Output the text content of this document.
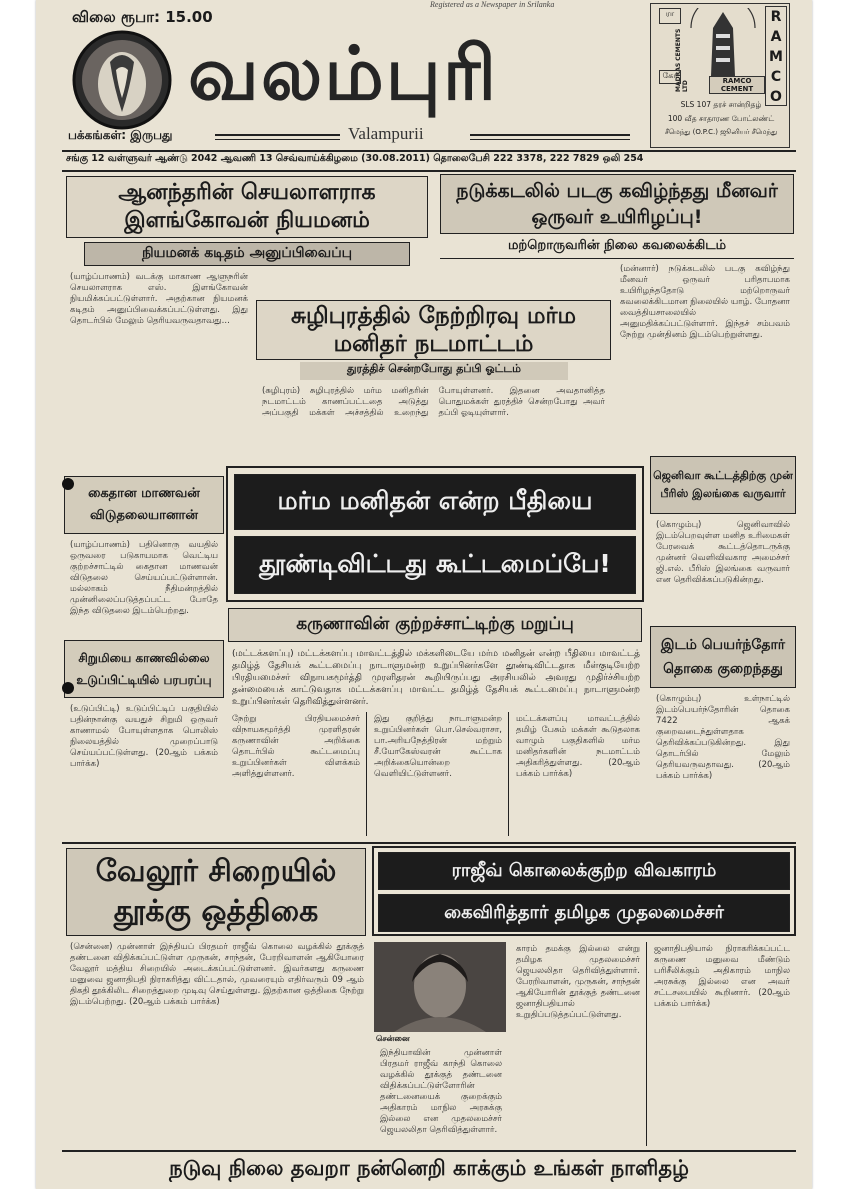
விலை ரூபா: 15.00
Registered as a Newspaper in Srilanka
வலம்புரி
பக்கங்கள்: இருபது	Valampurii
RAMCO
ரா
MADRAS CEMENTS LTD
கோ
RAMCO CEMENT
SLS 107 தரச் சான்றிதழ்
100 வீத சாதாரண போட்லண்ட்
சீமெந்து (O.P.C.) ஜூனியர் சீமெந்து
சங்கு 12 வள்ளுவர் ஆண்டு 2042 ஆவணி 13 செவ்வாய்க்கிழமை (30.08.2011) தொலைபேசி 222 3378, 222 7829 ஒலி 254
ஆனந்தரின் செயலாளராக இளங்கோவன் நியமனம்
நியமனக் கடிதம் அனுப்பிவைப்பு
(யாழ்ப்பாணம்) வடக்கு மாகாண ஆளுநரின் செயலாளராக எஸ். இளங்கோவன் நியமிக்கப்பட்டுள்ளார். அதற்கான நியமனக் கடிதம் அனுப்பிவைக்கப்பட்டுள்ளது. இது தொடர்பில் மேலும் தெரியவருவதாவது...
நடுக்கடலில் படகு கவிழ்ந்தது மீனவர் ஒருவர் உயிரிழப்பு!
மற்றொருவரின் நிலை கவலைக்கிடம்
(மன்னார்) நடுக்கடலில் படகு கவிழ்ந்து மீனவர் ஒருவர் பரிதாபமாக உயிரிழந்ததோடு மற்றொருவர் கவலைக்கிடமான நிலையில் யாழ். போதனா வைத்தியசாலையில் அனுமதிக்கப்பட்டுள்ளார். இந்தச் சம்பவம் நேற்று முன்தினம் இடம்பெற்றுள்ளது.
சுழிபுரத்தில் நேற்றிரவு மர்ம மனிதர் நடமாட்டம்
துரத்திச் சென்றபோது தப்பி ஓட்டம்
(சுழிபுரம்) சுழிபுரத்தில் மர்ம மனிதரின் நடமாட்டம் காணப்பட்டதை அடுத்து அப்பகுதி மக்கள் அச்சத்தில் உறைந்து போயுள்ளனர். இதனை அவதானித்த பொதுமக்கள் துரத்திச் சென்றபோது அவர் தப்பி ஓடியுள்ளார்.
கைதான மாணவன் விடுதலையானான்
(யாழ்ப்பாணம்) பதினொரு வயதில் ஒருவரை படுகாயமாக வெட்டிய குற்றச்சாட்டில் கைதான மாணவன் விடுதலை செய்யப்பட்டுள்ளான். மல்லாகம் நீதிமன்றத்தில் முன்னிலைப்படுத்தப்பட்ட போதே இந்த விடுதலை இடம்பெற்றது.
மர்ம மனிதன் என்ற பீதியை
தூண்டிவிட்டது கூட்டமைப்பே!
கருணாவின் குற்றச்சாட்டிற்கு மறுப்பு
(மட்டக்களப்பு) மட்டக்களப்பு மாவட்டத்தில் மக்களிடையே மர்ம மனிதன் என்ற பீதியை மாவட்டத் தமிழ்த் தேசியக் கூட்டமைப்பு நாடாளுமன்ற உறுப்பினர்களே தூண்டிவிட்டதாக மீள்குடியேற்ற பிரதியமைச்சர் விநாயகமூர்த்தி முரளிதரன் கூறியிருப்பது அரசியலில் அவரது முதிர்ச்சியற்ற தன்மையைக் காட்டுவதாக மட்டக்களப்பு மாவட்ட தமிழ்த் தேசியக் கூட்டமைப்பு நாடாளுமன்ற உறுப்பினர்கள் தெரிவித்துள்ளனர்.
நேற்று பிரதியமைச்சர் விநாயகமூர்த்தி முரளிதரன் கருணாவின் அறிக்கை தொடர்பில் கூட்டமைப்பு உறுப்பினர்கள் விளக்கம் அளித்துள்ளனர்.
இது குறித்து நாடாளுமன்ற உறுப்பினர்கள் பொ.செல்வராசா, பா.அரியநேத்திரன் மற்றும் சீ.யோகேஸ்வரன் கூட்டாக அறிக்கையொன்றை வெளியிட்டுள்ளனர்.
மட்டக்களப்பு மாவட்டத்தில் தமிழ் பேசும் மக்கள் கூடுதலாக வாழும் பகுதிகளில் மர்ம மனிதர்களின் நடமாட்டம் அதிகரித்துள்ளது. (20ஆம் பக்கம் பார்க்க)
சிறுமியை காணவில்லை உடுப்பிட்டியில் பரபரப்பு
(உடுப்பிட்டி) உடுப்பிட்டிப் பகுதியில் பதின்நான்கு வயதுச் சிறுமி ஒருவர் காணாமல் போயுள்ளதாக பொலிஸ் நிலையத்தில் முறைப்பாடு செய்யப்பட்டுள்ளது. (20ஆம் பக்கம் பார்க்க)
ஜெனிவா கூட்டத்திற்கு முன் பீரிஸ் இலங்கை வருவார்
(கொழும்பு) ஜெனிவாவில் இடம்பெறவுள்ள மனித உரிமைகள் பேரவைக் கூட்டத்தொடருக்கு முன்னர் வெளிவிவகார அமைச்சர் ஜி.எல். பீரிஸ் இலங்கை வருவார் என தெரிவிக்கப்படுகின்றது.
இடம் பெயர்ந்தோர் தொகை குறைந்தது
(கொழும்பு) உள்நாட்டில் இடம்பெயர்ந்தோரின் தொகை 7422 ஆகக் குறைவடைந்துள்ளதாக தெரிவிக்கப்படுகின்றது. இது தொடர்பில் மேலும் தெரியவருவதாவது. (20ஆம் பக்கம் பார்க்க)
வேலூர் சிறையில் தூக்கு ஒத்திகை
(சென்னை) முன்னாள் இந்தியப் பிரதமர் ராஜீவ் கொலை வழக்கில் தூக்குத் தண்டனை விதிக்கப்பட்டுள்ள முருகன், சாந்தன், பேரறிவாளன் ஆகியோரை வேலூர் மத்திய சிறையில் அடைக்கப்பட்டுள்ளனர். இவர்களது கருணை மனுவை ஜனாதிபதி நிராகரித்து விட்டதால், முவரையும் எதிர்வரும் 09 ஆம் திகதி தூக்கிலிட சிறைத்துறை முடிவு செய்துள்ளது. இதற்கான ஒத்திகை நேற்று இடம்பெற்றது. (20ஆம் பக்கம் பார்க்க)
ராஜீவ் கொலைக்குற்ற விவகாரம்
கைவிரித்தார் தமிழக முதலமைச்சர்
சென்னை
இந்தியாவின் முன்னாள் பிரதமர் ராஜீவ் காந்தி கொலை வழக்கில் தூக்குத் தண்டனை விதிக்கப்பட்டுள்ளோரின் தண்டனையைக் குறைக்கும் அதிகாரம் மாநில அரசுக்கு இல்லை என முதலமைச்சர் ஜெயலலிதா தெரிவித்துள்ளார்.
காரம் தமக்கு இல்லை என்று தமிழக முதலமைச்சர் ஜெயலலிதா தெரிவித்துள்ளார். பேரறிவாளன், முருகன், சாந்தன் ஆகியோரின் தூக்குத் தண்டனை ஜனாதிபதியால் உறுதிப்படுத்தப்பட்டுள்ளது.
ஜனாதிபதியால் நிராகரிக்கப்பட்ட கருணை மனுவை மீண்டும் பரிசீலிக்கும் அதிகாரம் மாநில அரசுக்கு இல்லை என அவர் சட்டசபையில் கூறினார். (20ஆம் பக்கம் பார்க்க)
நடுவு நிலை தவறா நன்னெறி காக்கும் உங்கள் நாளிதழ்
